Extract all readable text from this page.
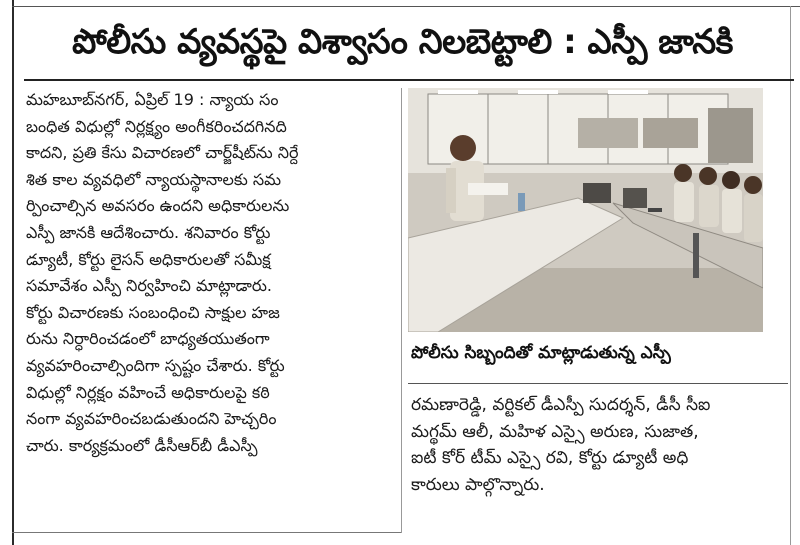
పోలీసు వ్యవస్థపై విశ్వాసం నిలబెట్టాలి : ఎస్పీ జానకి
మహబూబ్‌నగర్, ఏప్రిల్ 19 : న్యాయ సం
బంధిత విధుల్లో నిర్లక్ష్యం అంగీకరించదగినది
కాదని, ప్రతి కేసు విచారణలో చార్జ్‌షీట్‌ను నిర్దే
శిత కాల వ్యవధిలో న్యాయస్థానాలకు సమ
ర్పించాల్సిన అవసరం ఉందని అధికారులను
ఎస్పీ జానకి ఆదేశించారు. శనివారం కోర్టు
డ్యూటీ, కోర్టు లైసన్ అధికారులతో సమీక్ష
సమావేశం ఎస్పీ నిర్వహించి మాట్లాడారు.
కోర్టు విచారణకు సంబంధించి సాక్షుల హజ
రును నిర్ధారించడంలో బాధ్యతయుతంగా
వ్యవహరించాల్సిందిగా స్పష్టం చేశారు. కోర్టు
విధుల్లో నిర్లక్షం వహించే అధికారులపై కఠి
నంగా వ్యవహరించబడుతుందని హెచ్చరిం
చారు. కార్యక్రమంలో డీసీఆర్‌బీ డీఎస్పీ
పోలీసు సిబ్బందితో మాట్లాడుతున్న ఎస్పీ
రమణారెడ్డి, వర్టికల్ డీఎస్పీ సుదర్శన్, డీసీ సీఐ
మగ్థమ్ ఆలీ, మహిళ ఎస్సై అరుణ, సుజాత,
ఐటీ కోర్ టీమ్ ఎస్సై రవి, కోర్టు డ్యూటీ అధి
కారులు పాల్గొన్నారు.
